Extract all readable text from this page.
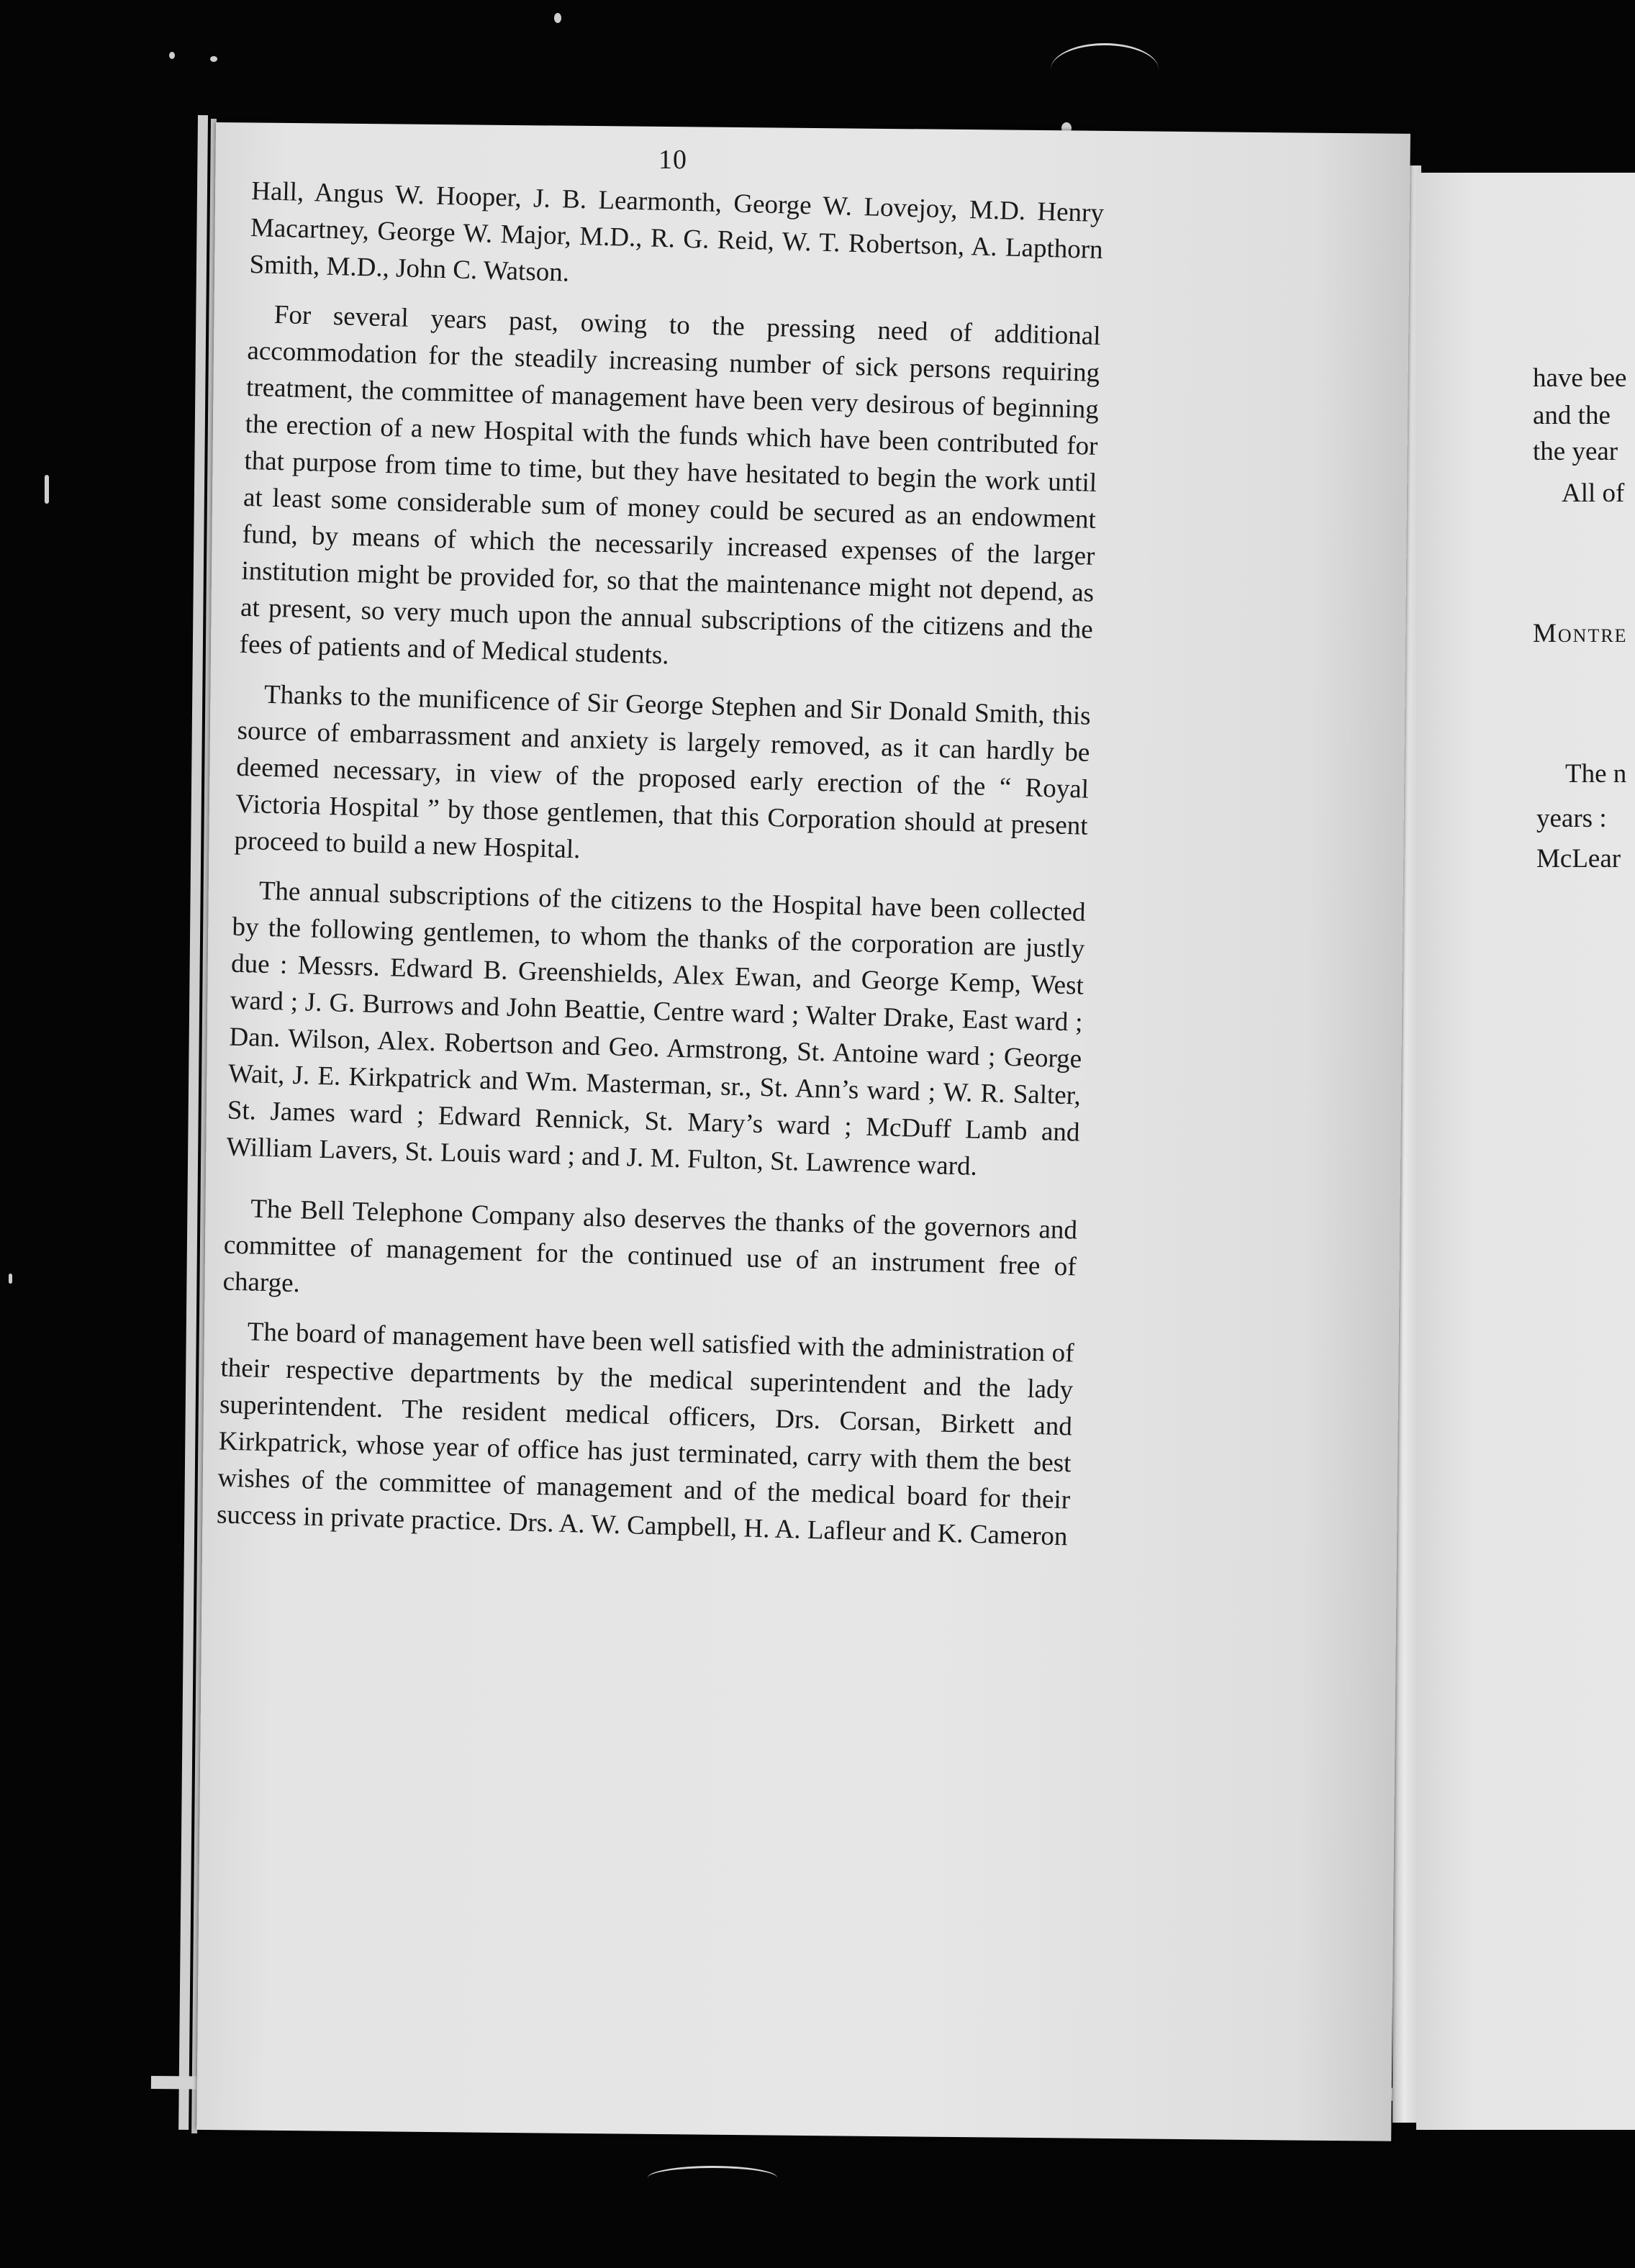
have bee
and the
the year
All of
Montre
The n
years :
McLear
10

Hall, Angus W. Hooper, J. B. Learmonth, George W. Lovejoy, M.D. Henry Macartney, George W. Major, M.D., R. G. Reid, W. T. Robertson, A. Lapthorn Smith, M.D., John C. Watson.

For several years past, owing to the pressing need of additional accommodation for the steadily increasing number of sick persons requiring treatment, the committee of management have been very desirous of beginning the erection of a new Hospital with the funds which have been contributed for that purpose from time to time, but they have hesitated to begin the work until at least some considerable sum of money could be secured as an endowment fund, by means of which the necessarily increased expenses of the larger institution might be provided for, so that the maintenance might not depend, as at present, so very much upon the annual subscriptions of the citizens and the fees of patients and of Medical students.

Thanks to the munificence of Sir George Stephen and Sir Donald Smith, this source of embarrassment and anxiety is largely removed, as it can hardly be deemed necessary, in view of the proposed early erection of the “ Royal Victoria Hospital ” by those gentlemen, that this Corporation should at present proceed to build a new Hospital.

The annual subscriptions of the citizens to the Hospital have been collected by the following gentlemen, to whom the thanks of the corporation are justly due : Messrs. Edward B. Greenshields, Alex Ewan, and George Kemp, West ward ; J. G. Burrows and John Beattie, Centre ward ; Walter Drake, East ward ; Dan. Wilson, Alex. Robertson and Geo. Armstrong, St. Antoine ward ; George Wait, J. E. Kirkpatrick and Wm. Masterman, sr., St. Ann’s ward ; W. R. Salter, St. James ward ; Edward Rennick, St. Mary’s ward ; McDuff Lamb and William Lavers, St. Louis ward ; and J. M. Fulton, St. Lawrence ward.

The Bell Telephone Company also deserves the thanks of the governors and committee of management for the continued use of an instrument free of charge.

The board of management have been well satisfied with the administration of their respective departments by the medical superintendent and the lady superintendent. The resident medical officers, Drs. Corsan, Birkett and Kirkpatrick, whose year of office has just terminated, carry with them the best wishes of the committee of management and of the medical board for their success in private practice. Drs. A. W. Campbell, H. A. Lafleur and K. Cameron
